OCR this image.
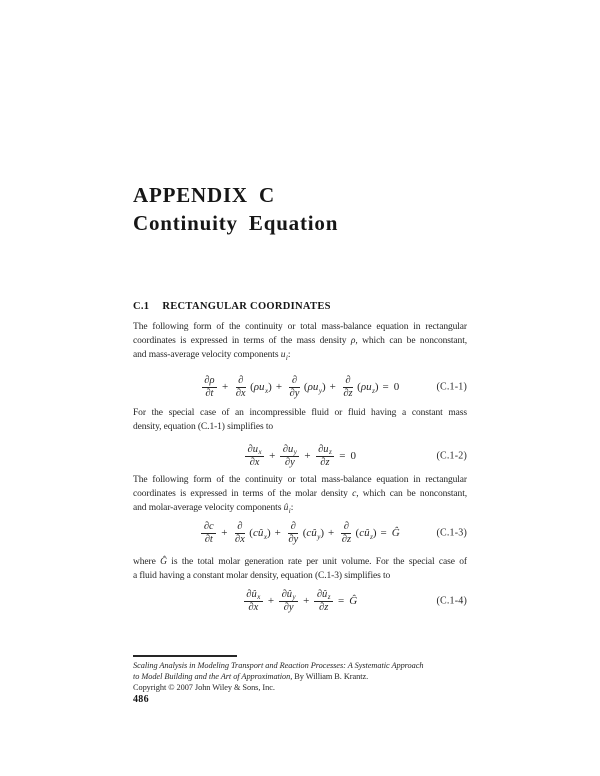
APPENDIX C
Continuity Equation
C.1 RECTANGULAR COORDINATES
The following form of the continuity or total mass-balance equation in rectangular
coordinates is expressed in terms of the mass density ρ, which can be nonconstant,
and mass-average velocity components $u_i$:
(C.1-1)
$\frac{\partial\rho}{\partial t} + \frac{\partial}{\partial x} (\rho u_x) + \frac{\partial}{\partial y} (\rho u_y) + \frac{\partial}{\partial z} (\rho u_z) = 0$
For the special case of an incompressible fluid or fluid having a constant mass
density, equation (C.1-1) simplifies to
(C.1-2)
$\frac{\partial u_x}{\partial x} + \frac{\partial u_y}{\partial y} + \frac{\partial u_z}{\partial z} = 0$
The following form of the continuity or total mass-balance equation in rectangular
coordinates is expressed in terms of the molar density c, which can be nonconstant,
and molar-average velocity components $û_i$:
(C.1-3)
$\frac{\partial c}{\partial t} + \frac{\partial}{\partial x}$ $(cû_x) + \frac{\partial}{\partial y}$ $(cû_y) + \frac{\partial}{\partial z}$ $(cû_z)$ = Ĝ
where Ĝ is the total molar generation rate per unit volume. For the special case of
a fluid having a constant molar density, equation (C.1-3) simplifies to
(C.1-4)
$\frac{\partial û_x}{\partial x} + \frac{\partial û_y}{\partial y} + \frac{\partial û_z}{\partial z}$ = Ĝ
Scaling Analysis in Modeling Transport and Reaction Processes: A Systematic Approach
to Model Building and the Art of Approximation, By William B. Krantz.
Copyright © 2007 John Wiley & Sons, Inc.
486
